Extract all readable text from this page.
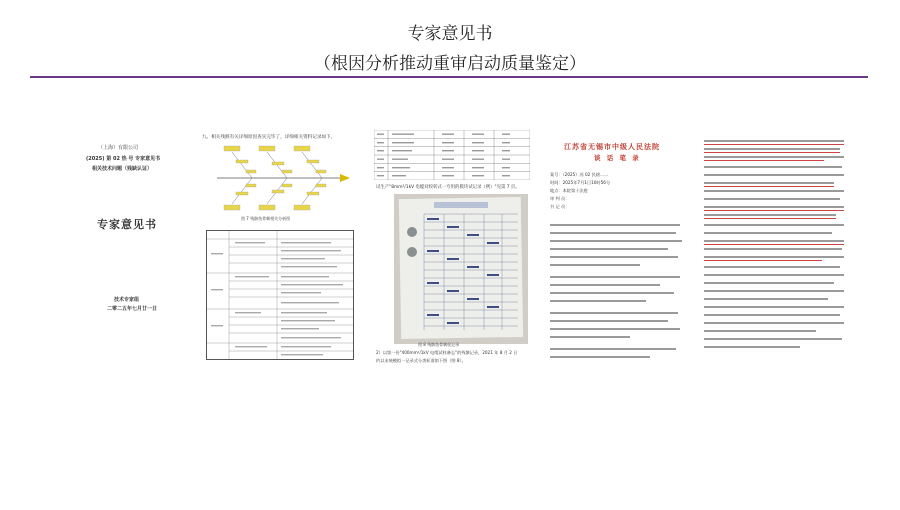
专家意见书
（根因分析推动重审启动质量鉴定）
（上海）有限公司
(2025) 第 02 热 号 专家意见书
相关技术问题（残缺认证）
专家意见书
技术专家组
二零二五年七月廿一日
九、相关残骸有关详细原因查实完毕了，详细相关资料记录如下。
图 7 残骸鱼骨刺相关分析图
试生产"8mm²/1kV 电缆对绞转式一夸用的模块试记录（例）"见第 7 页。
图 8 残骸鱼骨刺检记录
2）以第一份"400mm²/1kV 电缆试样备忘"的残骸记录，2021 年 8 月 2 日
约以末统模拟一记录式分类标准如下图（图 8）。
江苏省无锡市中级人民法院
谈 话 笔 录
案号：（2025）苏 02 民辖……
时间：2025年7月1日10时56分
地点：本院第十法庭
审 判 员：
书 记 员：
